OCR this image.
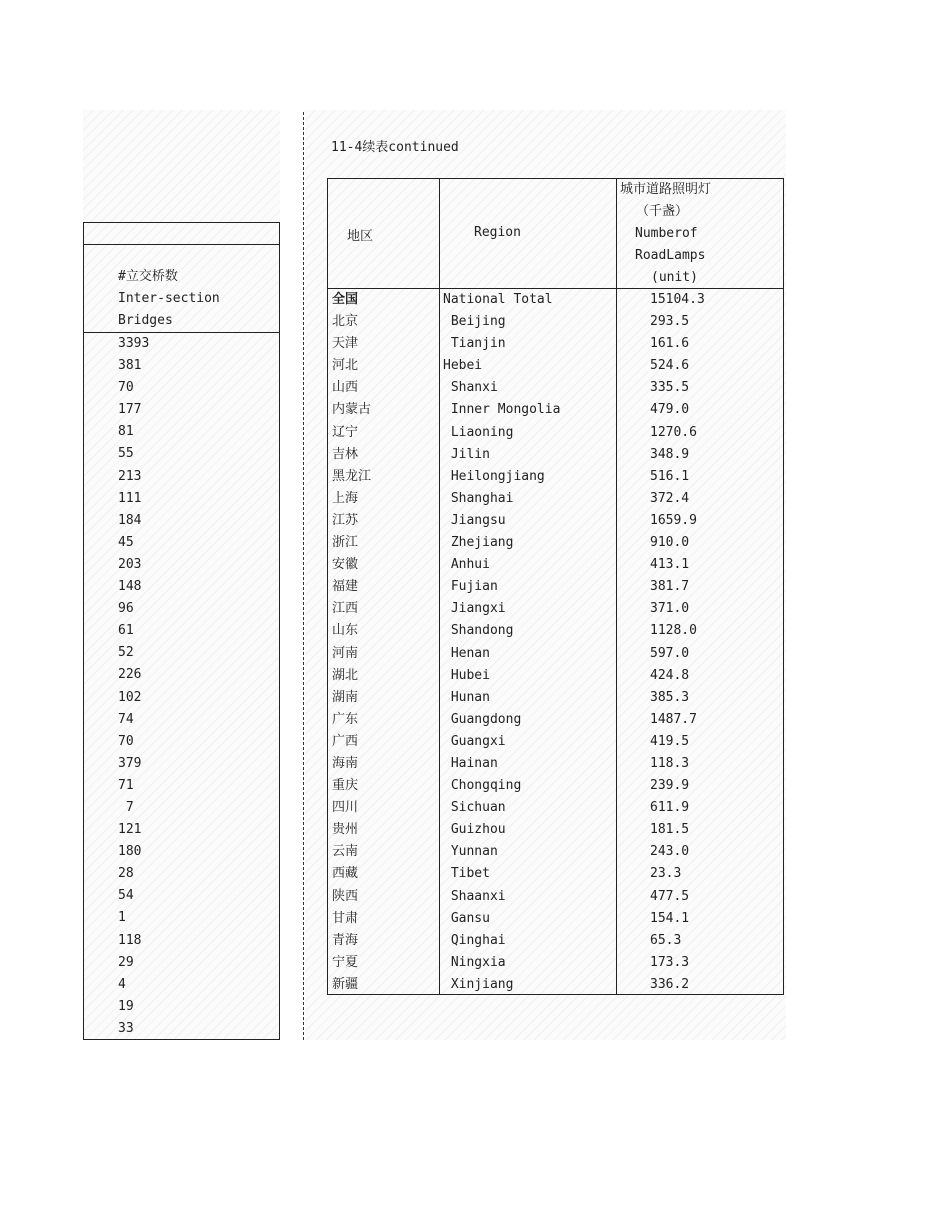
#立交桥数
Inter-section
Bridges
3393
381
70
177
81
55
213
111
184
45
203
148
96
61
52
226
102
74
70
379
71
7
121
180
28
54
1
118
29
4
19
33
11-4续表continued
地区	Region
城市道路照明灯
（千盏）
Numberof
RoadLamps
(unit)
全国	National Total	15104.3
北京	Beijing	293.5
天津	Tianjin	161.6
河北	Hebei	524.6
山西	Shanxi	335.5
内蒙古	Inner Mongolia	479.0
辽宁	Liaoning	1270.6
吉林	Jilin	348.9
黑龙江	Heilongjiang	516.1
上海	Shanghai	372.4
江苏	Jiangsu	1659.9
浙江	Zhejiang	910.0
安徽	Anhui	413.1
福建	Fujian	381.7
江西	Jiangxi	371.0
山东	Shandong	1128.0
河南	Henan	597.0
湖北	Hubei	424.8
湖南	Hunan	385.3
广东	Guangdong	1487.7
广西	Guangxi	419.5
海南	Hainan	118.3
重庆	Chongqing	239.9
四川	Sichuan	611.9
贵州	Guizhou	181.5
云南	Yunnan	243.0
西藏	Tibet	23.3
陕西	Shaanxi	477.5
甘肃	Gansu	154.1
青海	Qinghai	65.3
宁夏	Ningxia	173.3
新疆	Xinjiang	336.2
